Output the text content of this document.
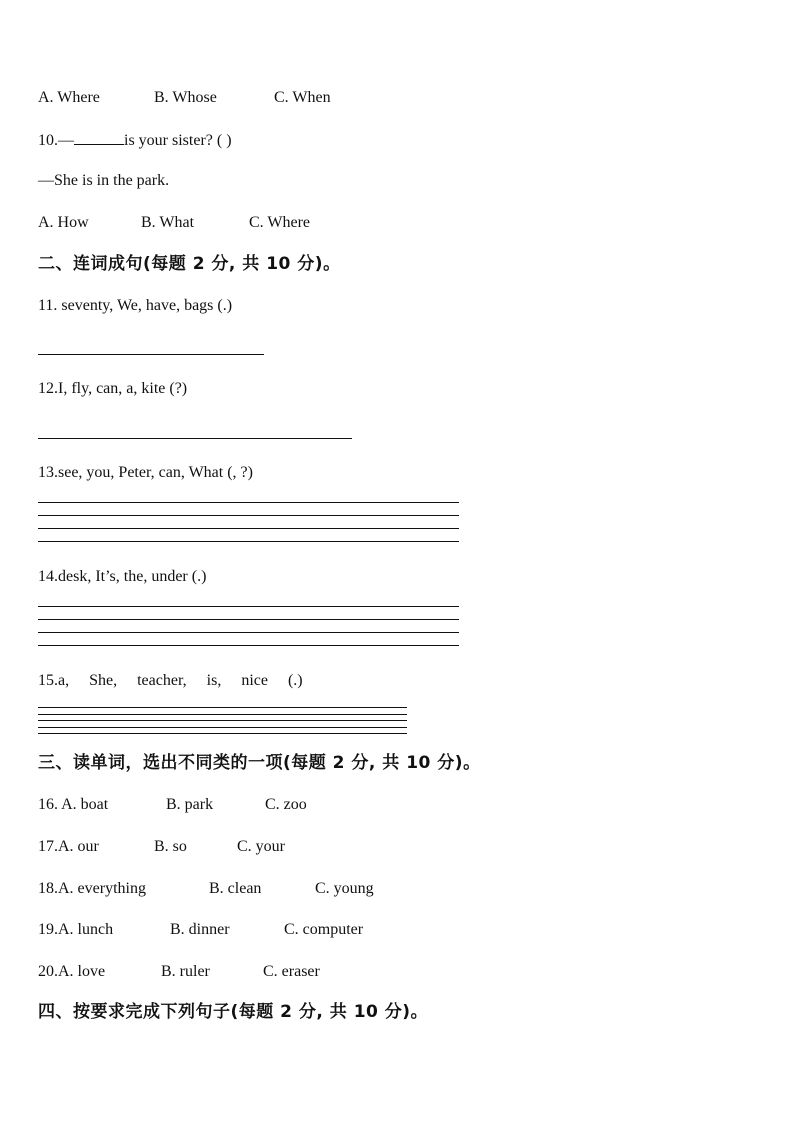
A. Where	B. Whose	C. When
10.—	is your sister? ( )
—She is in the park.
A. How	B. What	C. Where
二、连词成句(每题 2 分, 共 10 分)。
11. seventy, We, have, bags (.)
12.I, fly, can, a, kite (?)
13.see, you, Peter, can, What (, ?)
14.desk, It’s, the, under (.)
15.a,     She,     teacher,     is,     nice     (.)
三、读单词，选出不同类的一项(每题 2 分, 共 10 分)。
16. A. boat	B. park	C. zoo
17.A. our	B. so	C. your
18.A. everything	B. clean	C. young
19.A. lunch	B. dinner	C. computer
20.A. love	B. ruler	C. eraser
四、按要求完成下列句子(每题 2 分, 共 10 分)。
